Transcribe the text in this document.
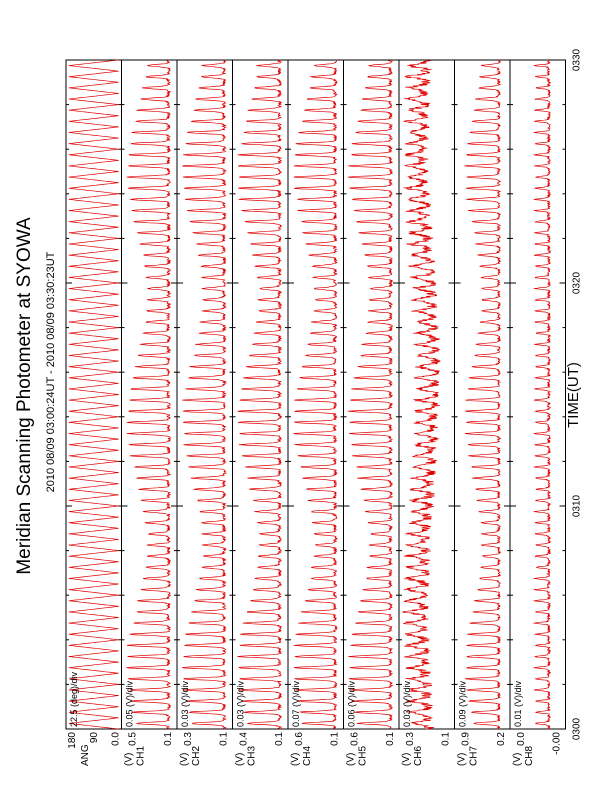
Meridian Scanning Photometer at SYOWA 2010 08/09 03:00:24UT - 2010 08/09 03:30:23UT
22.5 (deg)/div
180 90 0.0
ANG
0.05 (V)/div
0.5 0.1
CH1
(V)
0.03 (V)/div
0.3 0.1
CH2
(V)
0.03 (V)/div
0.4 0.1
CH3
(V)
0.07 (V)/div
0.6 0.1
CH4
(V)
0.06 (V)/div
0.6 0.1
CH5
(V)
0.03 (V)/div
0.3 0.1
CH6
(V)
0.09 (V)/div
0.9 0.2
CH7
(V)
0.01 (V)/div
0.0 -0.00
CH8
(V)
0300
0310
0320
0330
TIME(UT)
